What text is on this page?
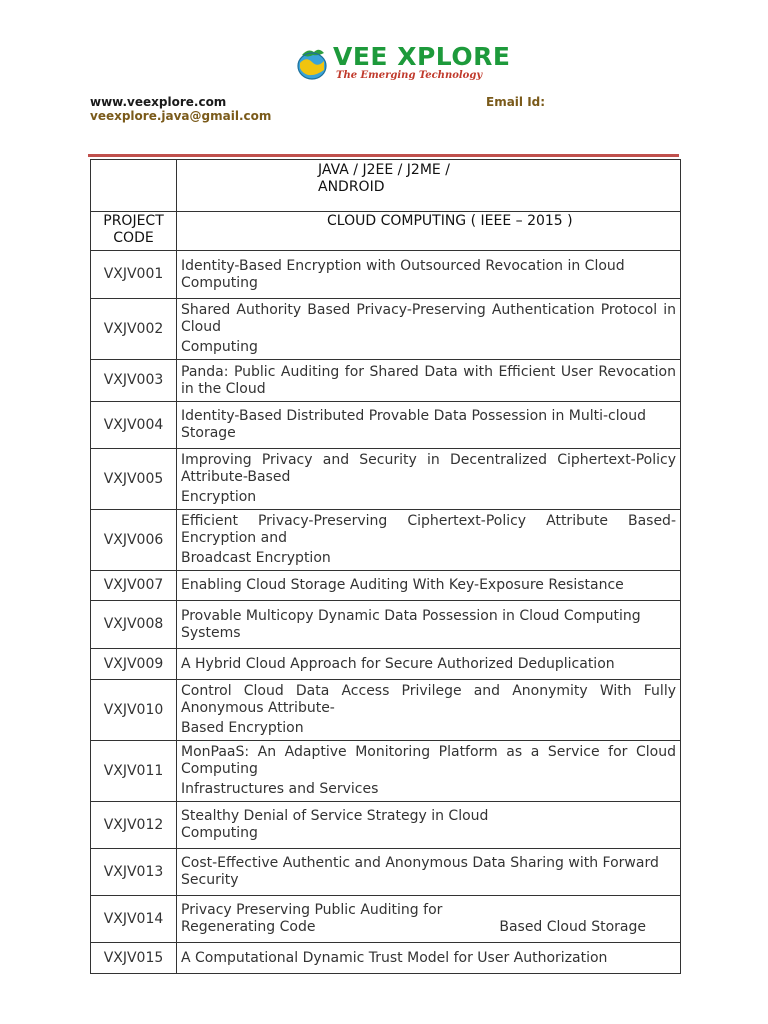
VEE XPLORE
The Emerging Technology
www.veexplore.com
veexplore.java@gmail.com
Email Id:

	JAVA / J2EE / J2ME /
ANDROID

PROJECT
CODE	CLOUD COMPUTING ( IEEE – 2015 )
VXJV001	Identity-Based Encryption with Outsourced Revocation in Cloud
Computing

VXJV002	Shared Authority Based Privacy-Preserving Authentication Protocol in Cloud
Computing

VXJV003	Panda: Public Auditing for Shared Data with Efficient User Revocation in the Cloud

VXJV004	Identity-Based Distributed Provable Data Possession in Multi-cloud
Storage

VXJV005	Improving Privacy and Security in Decentralized Ciphertext-Policy Attribute-Based
Encryption

VXJV006	Efficient Privacy-Preserving Ciphertext-Policy Attribute Based-Encryption and
Broadcast Encryption

VXJV007	Enabling Cloud Storage Auditing With Key-Exposure Resistance

VXJV008	Provable Multicopy Dynamic Data Possession in Cloud Computing
Systems

VXJV009	A Hybrid Cloud Approach for Secure Authorized Deduplication

VXJV010	Control Cloud Data Access Privilege and Anonymity With Fully Anonymous Attribute-
Based Encryption

VXJV011	MonPaaS: An Adaptive Monitoring Platform as a Service for Cloud Computing
Infrastructures and Services

VXJV012	Stealthy Denial of Service Strategy in Cloud
Computing

VXJV013	Cost-Effective Authentic and Anonymous Data Sharing with Forward
Security

VXJV014	Privacy Preserving Public Auditing for
Regenerating Code Based Cloud Storage

VXJV015	A Computational Dynamic Trust Model for User Authorization
